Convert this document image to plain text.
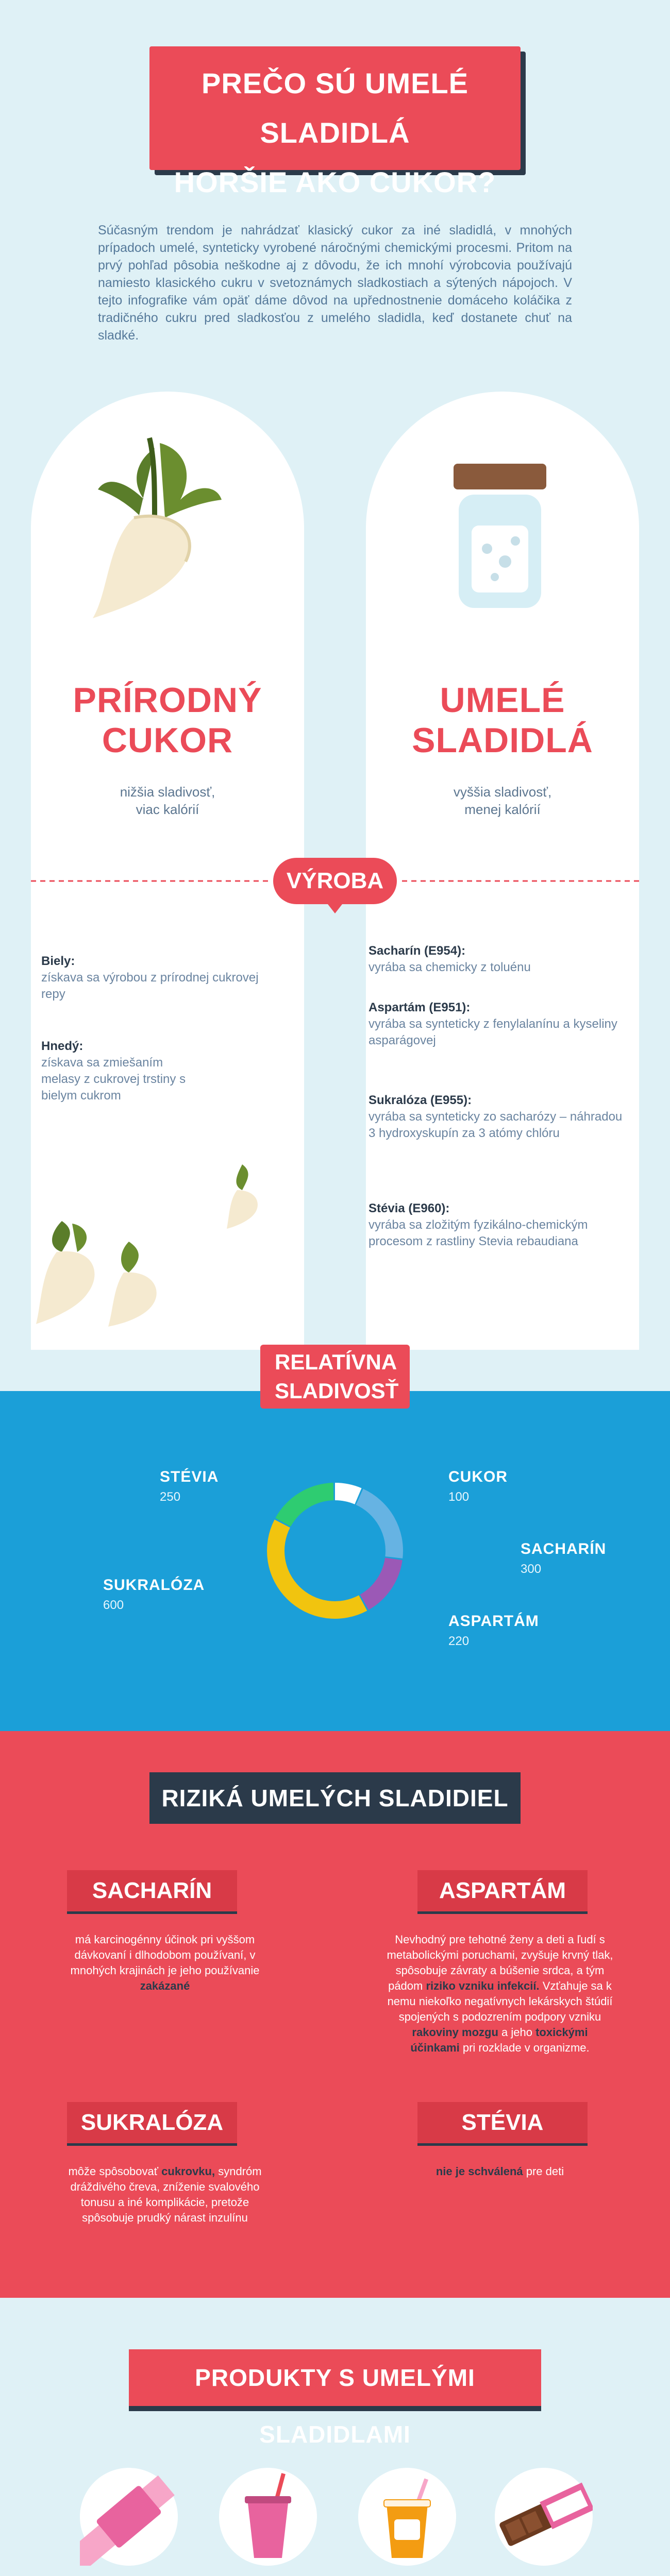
PREČO SÚ UMELÉ SLADIDLÁ
HORŠIE AKO CUKOR?

Súčasným trendom je nahrádzať klasický cukor za iné sladidlá, v mnohých prípadoch umelé, synteticky vyrobené náročnými chemickými procesmi. Pritom na prvý pohľad pôsobia neškodne aj z dôvodu, že ich mnohí výrobcovia používajú namiesto klasického cukru v svetoznámych sladkostiach a sýtených nápojoch. V tejto infografike vám opäť dáme dôvod na upřednostnenie domáceho koláčika z tradičného cukru pred sladkosťou z umelého sladidla, keď dostanete chuť na sladké.

PRÍRODNÝ
CUKOR
nižšia sladivosť,
viac kalórií
UMELÉ
SLADIDLÁ
vyššia sladivosť,
menej kalórií
VÝROBA
Biely:
získava sa výrobou z prírodnej cukrovej repy
Hnedý:
získava sa zmiešaním melasy z cukrovej trstiny s bielym cukrom
Sacharín (E954):
vyrába sa chemicky z toluénu
Aspartám (E951):
vyrába sa synteticky z fenylalanínu a kyseliny asparágovej
Sukralóza (E955):
vyrába sa synteticky zo sacharózy – náhradou 3 hydroxyskupín za 3 atómy chlóru
Stévia (E960):
vyrába sa zložitým fyzikálno-chemickým procesom z rastliny Stevia rebaudiana
RELATÍVNA
SLADIVOSŤ
STÉVIA
250
CUKOR
100
SACHARÍN
300
ASPARTÁM
220
SUKRALÓZA
600
RIZIKÁ UMELÝCH SLADIDIEL
SACHARÍN
má karcinogénny účinok pri vyššom dávkovaní i dlhodobom používaní, v mnohých krajinách je jeho používanie zakázané
ASPARTÁM
Nevhodný pre tehotné ženy a deti a ľudí s metabolickými poruchami, zvyšuje krvný tlak, spôsobuje závraty a búšenie srdca, a tým pádom riziko vzniku infekcií. Vzťahuje sa k nemu niekoľko negatívnych lekárskych štúdií spojených s podozrením podpory vzniku rakoviny mozgu a jeho toxickými účinkami pri rozklade v organizme.
SUKRALÓZA
môže spôsobovať cukrovku, syndróm dráždivého čreva, zníženie svalového tonusu a iné komplikácie, pretože spôsobuje prudký nárast inzulínu
STÉVIA
nie je schválená pre deti
PRODUKTY S UMELÝMI SLADIDLAMI
